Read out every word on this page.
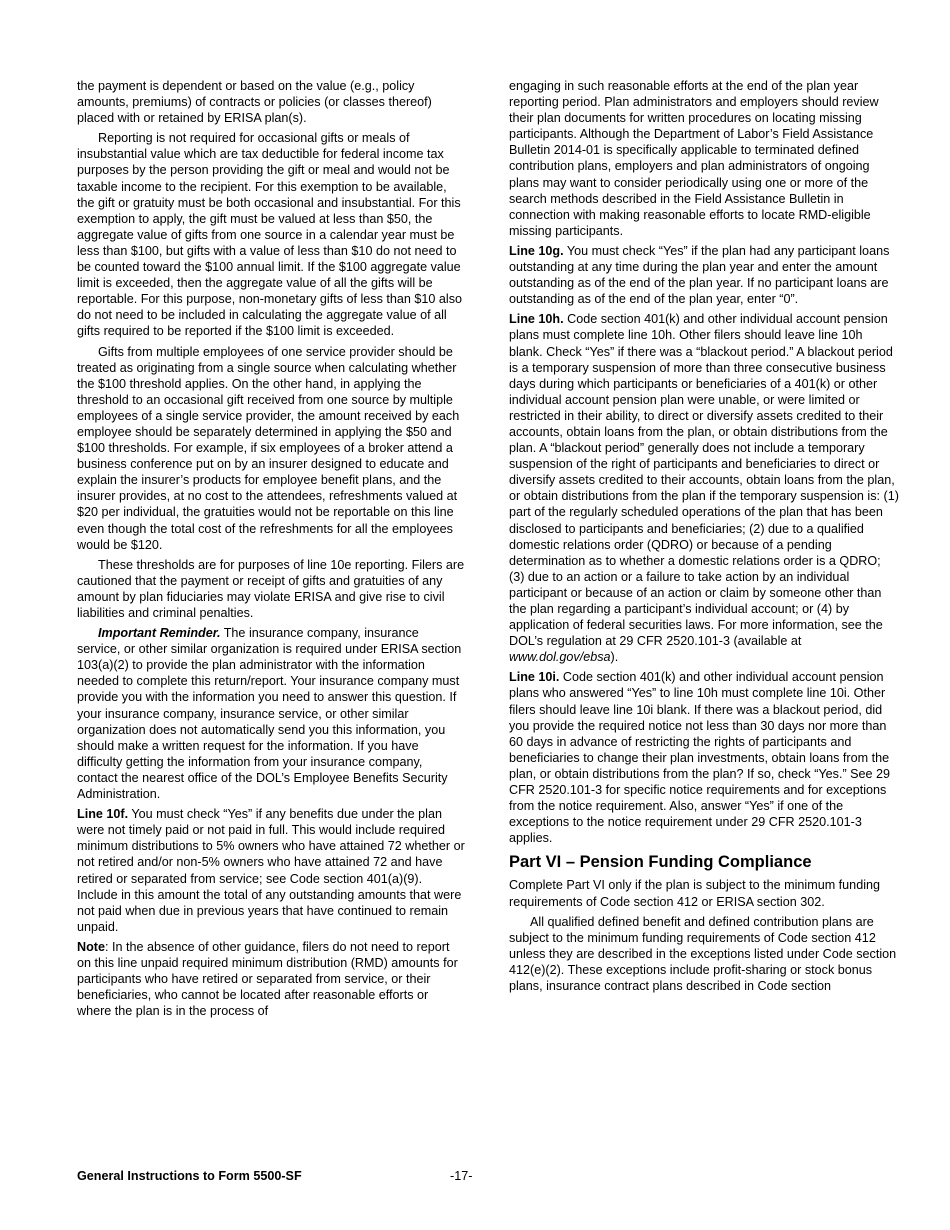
the payment is dependent or based on the value (e.g., policy amounts, premiums) of contracts or policies (or classes thereof) placed with or retained by ERISA plan(s).

Reporting is not required for occasional gifts or meals of insubstantial value which are tax deductible for federal income tax purposes by the person providing the gift or meal and would not be taxable income to the recipient. For this exemption to be available, the gift or gratuity must be both occasional and insubstantial. For this exemption to apply, the gift must be valued at less than $50, the aggregate value of gifts from one source in a calendar year must be less than $100, but gifts with a value of less than $10 do not need to be counted toward the $100 annual limit. If the $100 aggregate value limit is exceeded, then the aggregate value of all the gifts will be reportable. For this purpose, non-monetary gifts of less than $10 also do not need to be included in calculating the aggregate value of all gifts required to be reported if the $100 limit is exceeded.

Gifts from multiple employees of one service provider should be treated as originating from a single source when calculating whether the $100 threshold applies. On the other hand, in applying the threshold to an occasional gift received from one source by multiple employees of a single service provider, the amount received by each employee should be separately determined in applying the $50 and $100 thresholds. For example, if six employees of a broker attend a business conference put on by an insurer designed to educate and explain the insurer’s products for employee benefit plans, and the insurer provides, at no cost to the attendees, refreshments valued at $20 per individual, the gratuities would not be reportable on this line even though the total cost of the refreshments for all the employees would be $120.

These thresholds are for purposes of line 10e reporting. Filers are cautioned that the payment or receipt of gifts and gratuities of any amount by plan fiduciaries may violate ERISA and give rise to civil liabilities and criminal penalties.

Important Reminder. The insurance company, insurance service, or other similar organization is required under ERISA section 103(a)(2) to provide the plan administrator with the information needed to complete this return/report. Your insurance company must provide you with the information you need to answer this question. If your insurance company, insurance service, or other similar organization does not automatically send you this information, you should make a written request for the information. If you have difficulty getting the information from your insurance company, contact the nearest office of the DOL’s Employee Benefits Security Administration.

Line 10f. You must check “Yes” if any benefits due under the plan were not timely paid or not paid in full. This would include required minimum distributions to 5% owners who have attained 72 whether or not retired and/or non-5% owners who have attained 72 and have retired or separated from service; see Code section 401(a)(9). Include in this amount the total of any outstanding amounts that were not paid when due in previous years that have continued to remain unpaid.

Note: In the absence of other guidance, filers do not need to report on this line unpaid required minimum distribution (RMD) amounts for participants who have retired or separated from service, or their beneficiaries, who cannot be located after reasonable efforts or where the plan is in the process of

engaging in such reasonable efforts at the end of the plan year reporting period. Plan administrators and employers should review their plan documents for written procedures on locating missing participants. Although the Department of Labor’s Field Assistance Bulletin 2014-01 is specifically applicable to terminated defined contribution plans, employers and plan administrators of ongoing plans may want to consider periodically using one or more of the search methods described in the Field Assistance Bulletin in connection with making reasonable efforts to locate RMD-eligible missing participants.

Line 10g. You must check “Yes” if the plan had any participant loans outstanding at any time during the plan year and enter the amount outstanding as of the end of the plan year. If no participant loans are outstanding as of the end of the plan year, enter “0”.

Line 10h. Code section 401(k) and other individual account pension plans must complete line 10h. Other filers should leave line 10h blank. Check “Yes” if there was a “blackout period.” A blackout period is a temporary suspension of more than three consecutive business days during which participants or beneficiaries of a 401(k) or other individual account pension plan were unable, or were limited or restricted in their ability, to direct or diversify assets credited to their accounts, obtain loans from the plan, or obtain distributions from the plan. A “blackout period” generally does not include a temporary suspension of the right of participants and beneficiaries to direct or diversify assets credited to their accounts, obtain loans from the plan, or obtain distributions from the plan if the temporary suspension is: (1) part of the regularly scheduled operations of the plan that has been disclosed to participants and beneficiaries; (2) due to a qualified domestic relations order (QDRO) or because of a pending determination as to whether a domestic relations order is a QDRO; (3) due to an action or a failure to take action by an individual participant or because of an action or claim by someone other than the plan regarding a participant’s individual account; or (4) by application of federal securities laws. For more information, see the DOL’s regulation at 29 CFR 2520.101-3 (available at www.dol.gov/ebsa).

Line 10i. Code section 401(k) and other individual account pension plans who answered “Yes” to line 10h must complete line 10i. Other filers should leave line 10i blank. If there was a blackout period, did you provide the required notice not less than 30 days nor more than 60 days in advance of restricting the rights of participants and beneficiaries to change their plan investments, obtain loans from the plan, or obtain distributions from the plan? If so, check “Yes.” See 29 CFR 2520.101-3 for specific notice requirements and for exceptions from the notice requirement. Also, answer “Yes” if one of the exceptions to the notice requirement under 29 CFR 2520.101-3 applies.

Part VI – Pension Funding Compliance

Complete Part VI only if the plan is subject to the minimum funding requirements of Code section 412 or ERISA section 302.

All qualified defined benefit and defined contribution plans are subject to the minimum funding requirements of Code section 412 unless they are described in the exceptions listed under Code section 412(e)(2). These exceptions include profit-sharing or stock bonus plans, insurance contract plans described in Code section

General Instructions to Form 5500-SF	-17-
